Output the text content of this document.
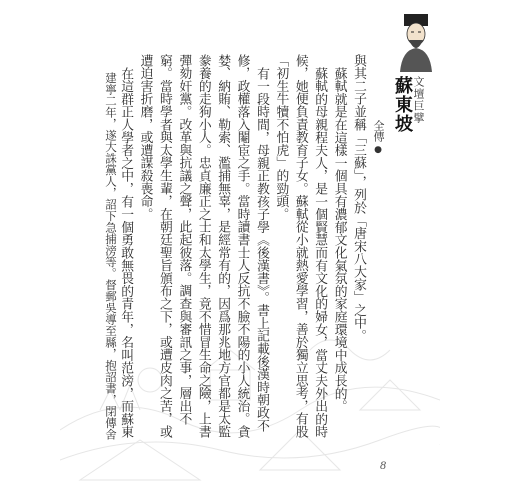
文壇巨擘
蘇東坡
全傳 ●

與其二子並稱「三蘇」，列於「唐宋八大家」之中。

蘇軾就是在這樣一個具有濃郁文化氣氛的家庭環境中成長的。

蘇軾的母親程夫人，是一個賢慧而有文化的婦女，當丈夫外出的時候，她便負責教育子女。蘇軾從小就熱愛學習，善於獨立思考，有股「初生牛犢不怕虎」的勁頭。

有一段時間，母親正教孩子學《後漢書》。書上記載後漢時朝政不修，政權落入閹宦之手。當時讀書士人反抗不臉不陽的小人統治。貪婪、納賄、勒索、濫捕無辜，是經常有的，因爲那兆地方官都是太監豢養的走狗小人。忠貞廉正之士和太學生，竟不惜冒生命之險，上書彈劾奸黨。改革與抗議之聲，此起彼落。調查與審訊之事，層出不窮。當時學者與太學生輩，在朝廷聖旨頒布之下，或遭皮肉之苦，或遭迫害折磨，或遭謀殺喪命。

在這群正人學者之中，有一個勇敢無畏的青年，名叫范滂，而蘇東

建寧二年，遂大誅黨人，詔下急捕滂等。督郵吳導至縣，抱詔書，閉傳舍
8
